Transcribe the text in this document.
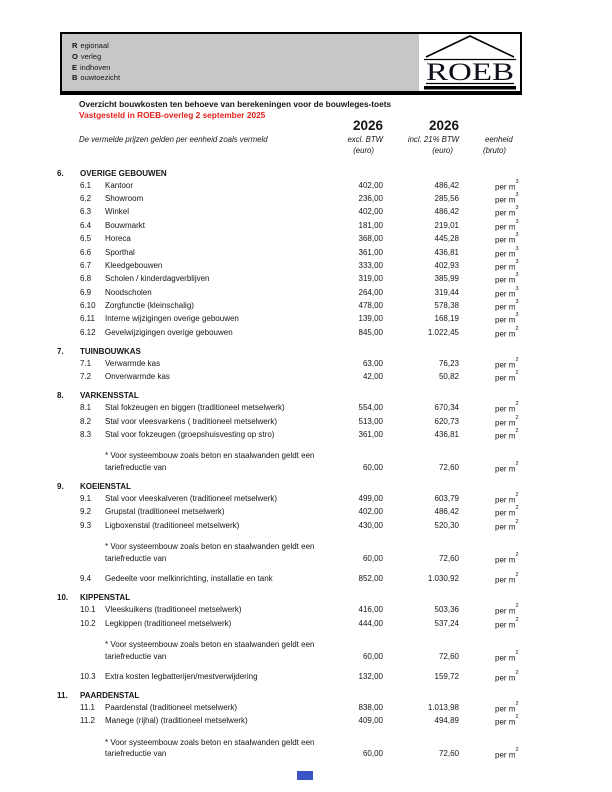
R egionaal
O verleg
E indhoven
B ouwtoezicht	ROEB
Overzicht bouwkosten ten behoeve van berekeningen voor de bouwleges-toets
Vastgesteld in ROEB-overleg 2 september 2025
2026	2026
De vermelde prijzen gelden per eenheid zoals vermeld	excl. BTW	incl. 21% BTW	eenheid
(euro)	(euro)	(bruto)
6.	OVERIGE GEBOUWEN
6.1	Kantoor	402,00	486,42	per $m^3$
6.2	Showroom	236,00	285,56	per $m^3$
6.3	Winkel	402,00	486,42	per $m^3$
6.4	Bouwmarkt	181,00	219,01	per $m^3$
6.5	Horeca	368,00	445,28	per $m^3$
6.6	Sporthal	361,00	436,81	per $m^3$
6.7	Kleedgebouwen	333,00	402,93	per $m^3$
6.8	Scholen / kinderdagverblijven	319,00	385,99	per $m^3$
6.9	Noodscholen	264,00	319,44	per $m^3$
6.10	Zorgfunctie (kleinschalig)	478,00	578,38	per $m^3$
6.11	Interne wijzigingen overige gebouwen	139,00	168,19	per $m^3$
6.12	Gevelwijzigingen overige gebouwen	845,00	1.022,45	per $m^2$
7.	TUINBOUWKAS
7.1	Verwarmde kas	63,00	76,23	per $m^2$
7.2	Onverwarmde kas	42,00	50,82	per $m^2$
8.	VARKENSSTAL
8.1	Stal fokzeugen en biggen (traditioneel metselwerk)	554,00	670,34	per $m^2$
8.2	Stal voor vleesvarkens ( traditioneel metselwerk)	513,00	620,73	per $m^2$
8.3	Stal voor fokzeugen (groepshuisvesting op stro)	361,00	436,81	per $m^2$
* Voor systeembouw zoals beton en staalwanden geldt een
tariefreductie van	60,00	72,60	per $m^2$
9.	KOEIENSTAL
9.1	Stal voor vleeskalveren (traditioneel metselwerk)	499,00	603,79	per $m^2$
9.2	Grupstal (traditioneel metselwerk)	402,00	486,42	per $m^2$
9.3	Ligboxenstal (traditioneel metselwerk)	430,00	520,30	per $m^2$
* Voor systeembouw zoals beton en staalwanden geldt een
tariefreductie van	60,00	72,60	per $m^2$
9.4	Gedeelte voor melkinrichting, installatie en tank	852,00	1.030,92	per $m^2$
10.	KIPPENSTAL
10.1	Vleeskuikens (traditioneel metselwerk)	416,00	503,36	per $m^2$
10.2	Legkippen (traditioneel metselwerk)	444,00	537,24	per $m^2$
* Voor systeembouw zoals beton en staalwanden geldt een
tariefreductie van	60,00	72,60	per $m^2$
10.3	Extra kosten legbatterijen/mestverwijdering	132,00	159,72	per $m^2$
11.	PAARDENSTAL
11.1	Paardenstal (traditioneel metselwerk)	838,00	1.013,98	per $m^2$
11.2	Manege (rijhal) (traditioneel metselwerk)	409,00	494,89	per $m^2$
* Voor systeembouw zoals beton en staalwanden geldt een
tariefreductie van	60,00	72,60	per $m^2$
